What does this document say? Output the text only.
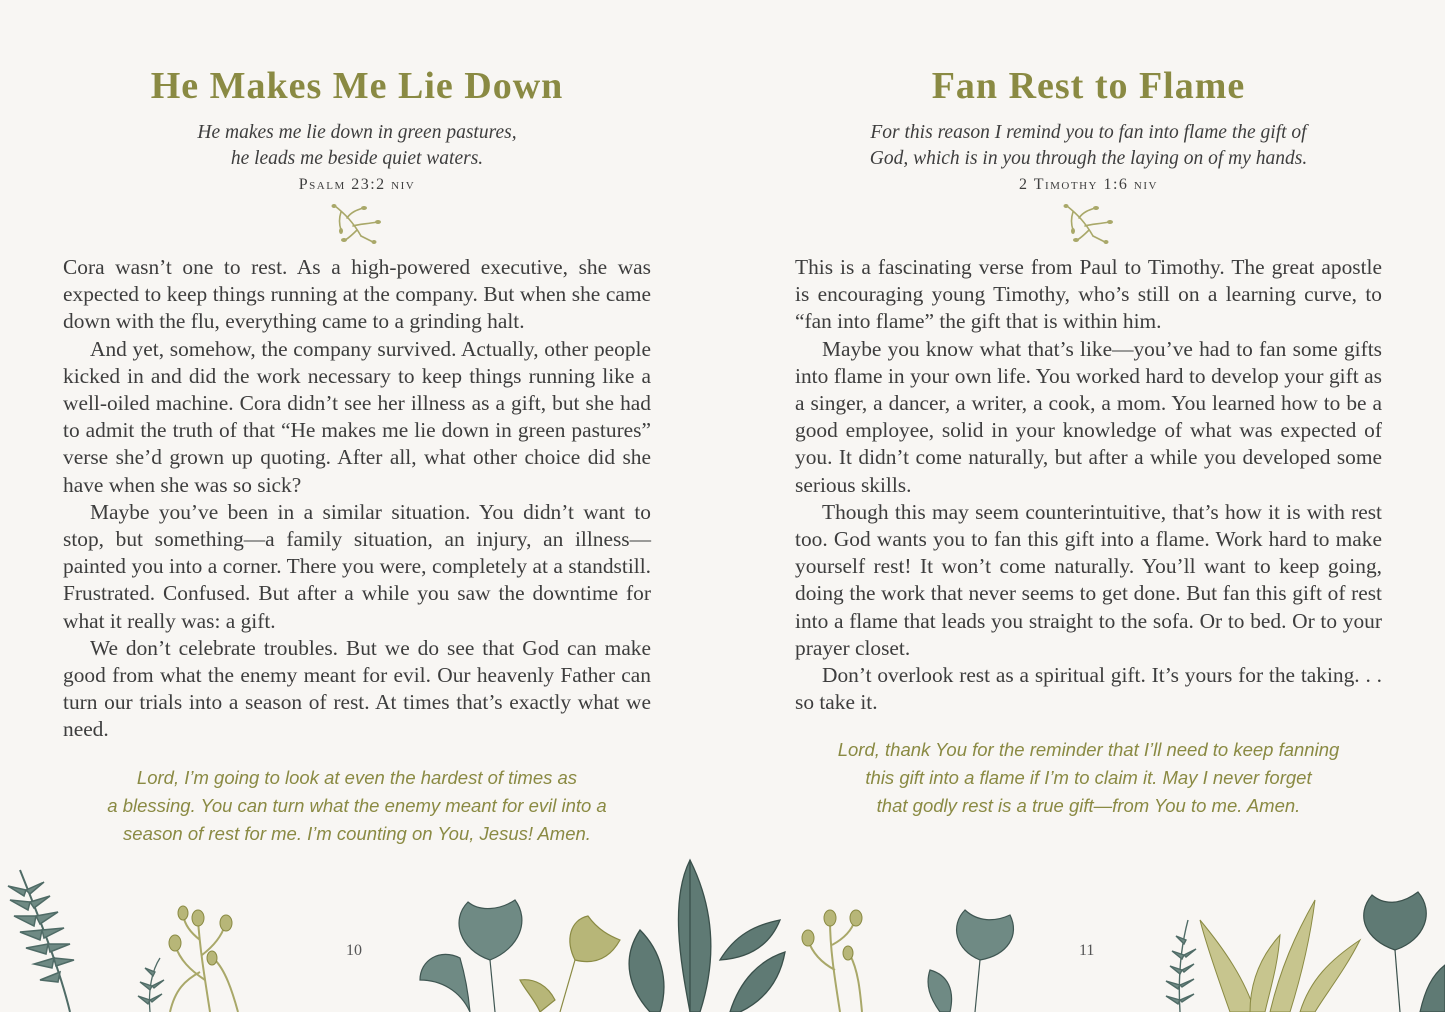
He Makes Me Lie Down
He makes me lie down in green pastures,
he leads me beside quiet waters.
Psalm 23:2 niv

Cora wasn’t one to rest. As a high-powered executive, she was expected to keep things running at the company. But when she came down with the flu, everything came to a grinding halt.

And yet, somehow, the company survived. Actually, other people kicked in and did the work necessary to keep things running like a well-oiled machine. Cora didn’t see her illness as a gift, but she had to admit the truth of that “He makes me lie down in green pastures” verse she’d grown up quoting. After all, what other choice did she have when she was so sick?

Maybe you’ve been in a similar situation. You didn’t want to stop, but something—a family situation, an injury, an illness—painted you into a corner. There you were, completely at a standstill. Frustrated. Confused. But after a while you saw the downtime for what it really was: a gift.

We don’t celebrate troubles. But we do see that God can make good from what the enemy meant for evil. Our heavenly Father can turn our trials into a season of rest. At times that’s exactly what we need.

Lord, I’m going to look at even the hardest of times as
a blessing. You can turn what the enemy meant for evil into a
season of rest for me. I’m counting on You, Jesus! Amen.
10
Fan Rest to Flame
For this reason I remind you to fan into flame the gift of
God, which is in you through the laying on of my hands.
2 Timothy 1:6 niv

This is a fascinating verse from Paul to Timothy. The great apostle is encouraging young Timothy, who’s still on a learning curve, to “fan into flame” the gift that is within him.

Maybe you know what that’s like—you’ve had to fan some gifts into flame in your own life. You worked hard to develop your gift as a singer, a dancer, a writer, a cook, a mom. You learned how to be a good employee, solid in your knowledge of what was expected of you. It didn’t come naturally, but after a while you developed some serious skills.

Though this may seem counterintuitive, that’s how it is with rest too. God wants you to fan this gift into a flame. Work hard to make yourself rest! It won’t come naturally. You’ll want to keep going, doing the work that never seems to get done. But fan this gift of rest into a flame that leads you straight to the sofa. Or to bed. Or to your prayer closet.

Don’t overlook rest as a spiritual gift. It’s yours for the taking. . . so take it.

Lord, thank You for the reminder that I’ll need to keep fanning
this gift into a flame if I’m to claim it. May I never forget
that godly rest is a true gift—from You to me. Amen.
11
